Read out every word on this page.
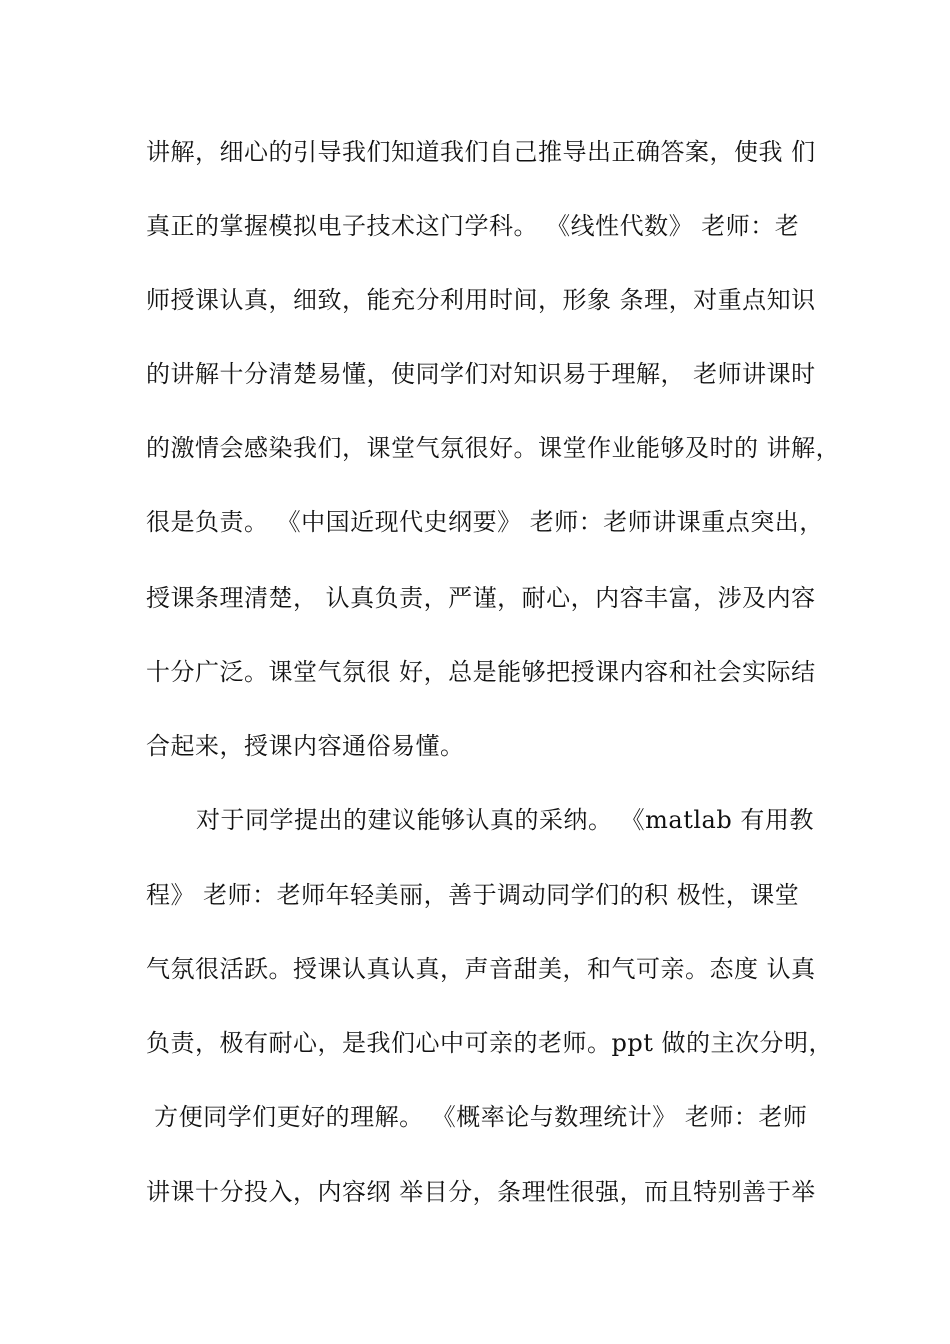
讲解，细心的引导我们知道我们自己推导出正确答案，使我 们
真正的掌握模拟电子技术这门学科。 《线性代数》 老师：老
师授课认真，细致，能充分利用时间，形象 条理，对重点知识
的讲解十分清楚易懂，使同学们对知识易于理解， 老师讲课时
的激情会感染我们，课堂气氛很好。课堂作业能够及时的 讲解，
很是负责。 《中国近现代史纲要》 老师：老师讲课重点突出，
授课条理清楚， 认真负责，严谨，耐心，内容丰富，涉及内容
十分广泛。课堂气氛很 好，总是能够把授课内容和社会实际结
合起来，授课内容通俗易懂。
对于同学提出的建议能够认真的采纳。 《matlab 有用教
程》 老师：老师年轻美丽，善于调动同学们的积 极性，课堂
气氛很活跃。授课认真认真，声音甜美，和气可亲。态度 认真
负责，极有耐心，是我们心中可亲的老师。ppt 做的主次分明，
方便同学们更好的理解。 《概率论与数理统计》 老师：老师
讲课十分投入，内容纲 举目分，条理性很强，而且特别善于举
